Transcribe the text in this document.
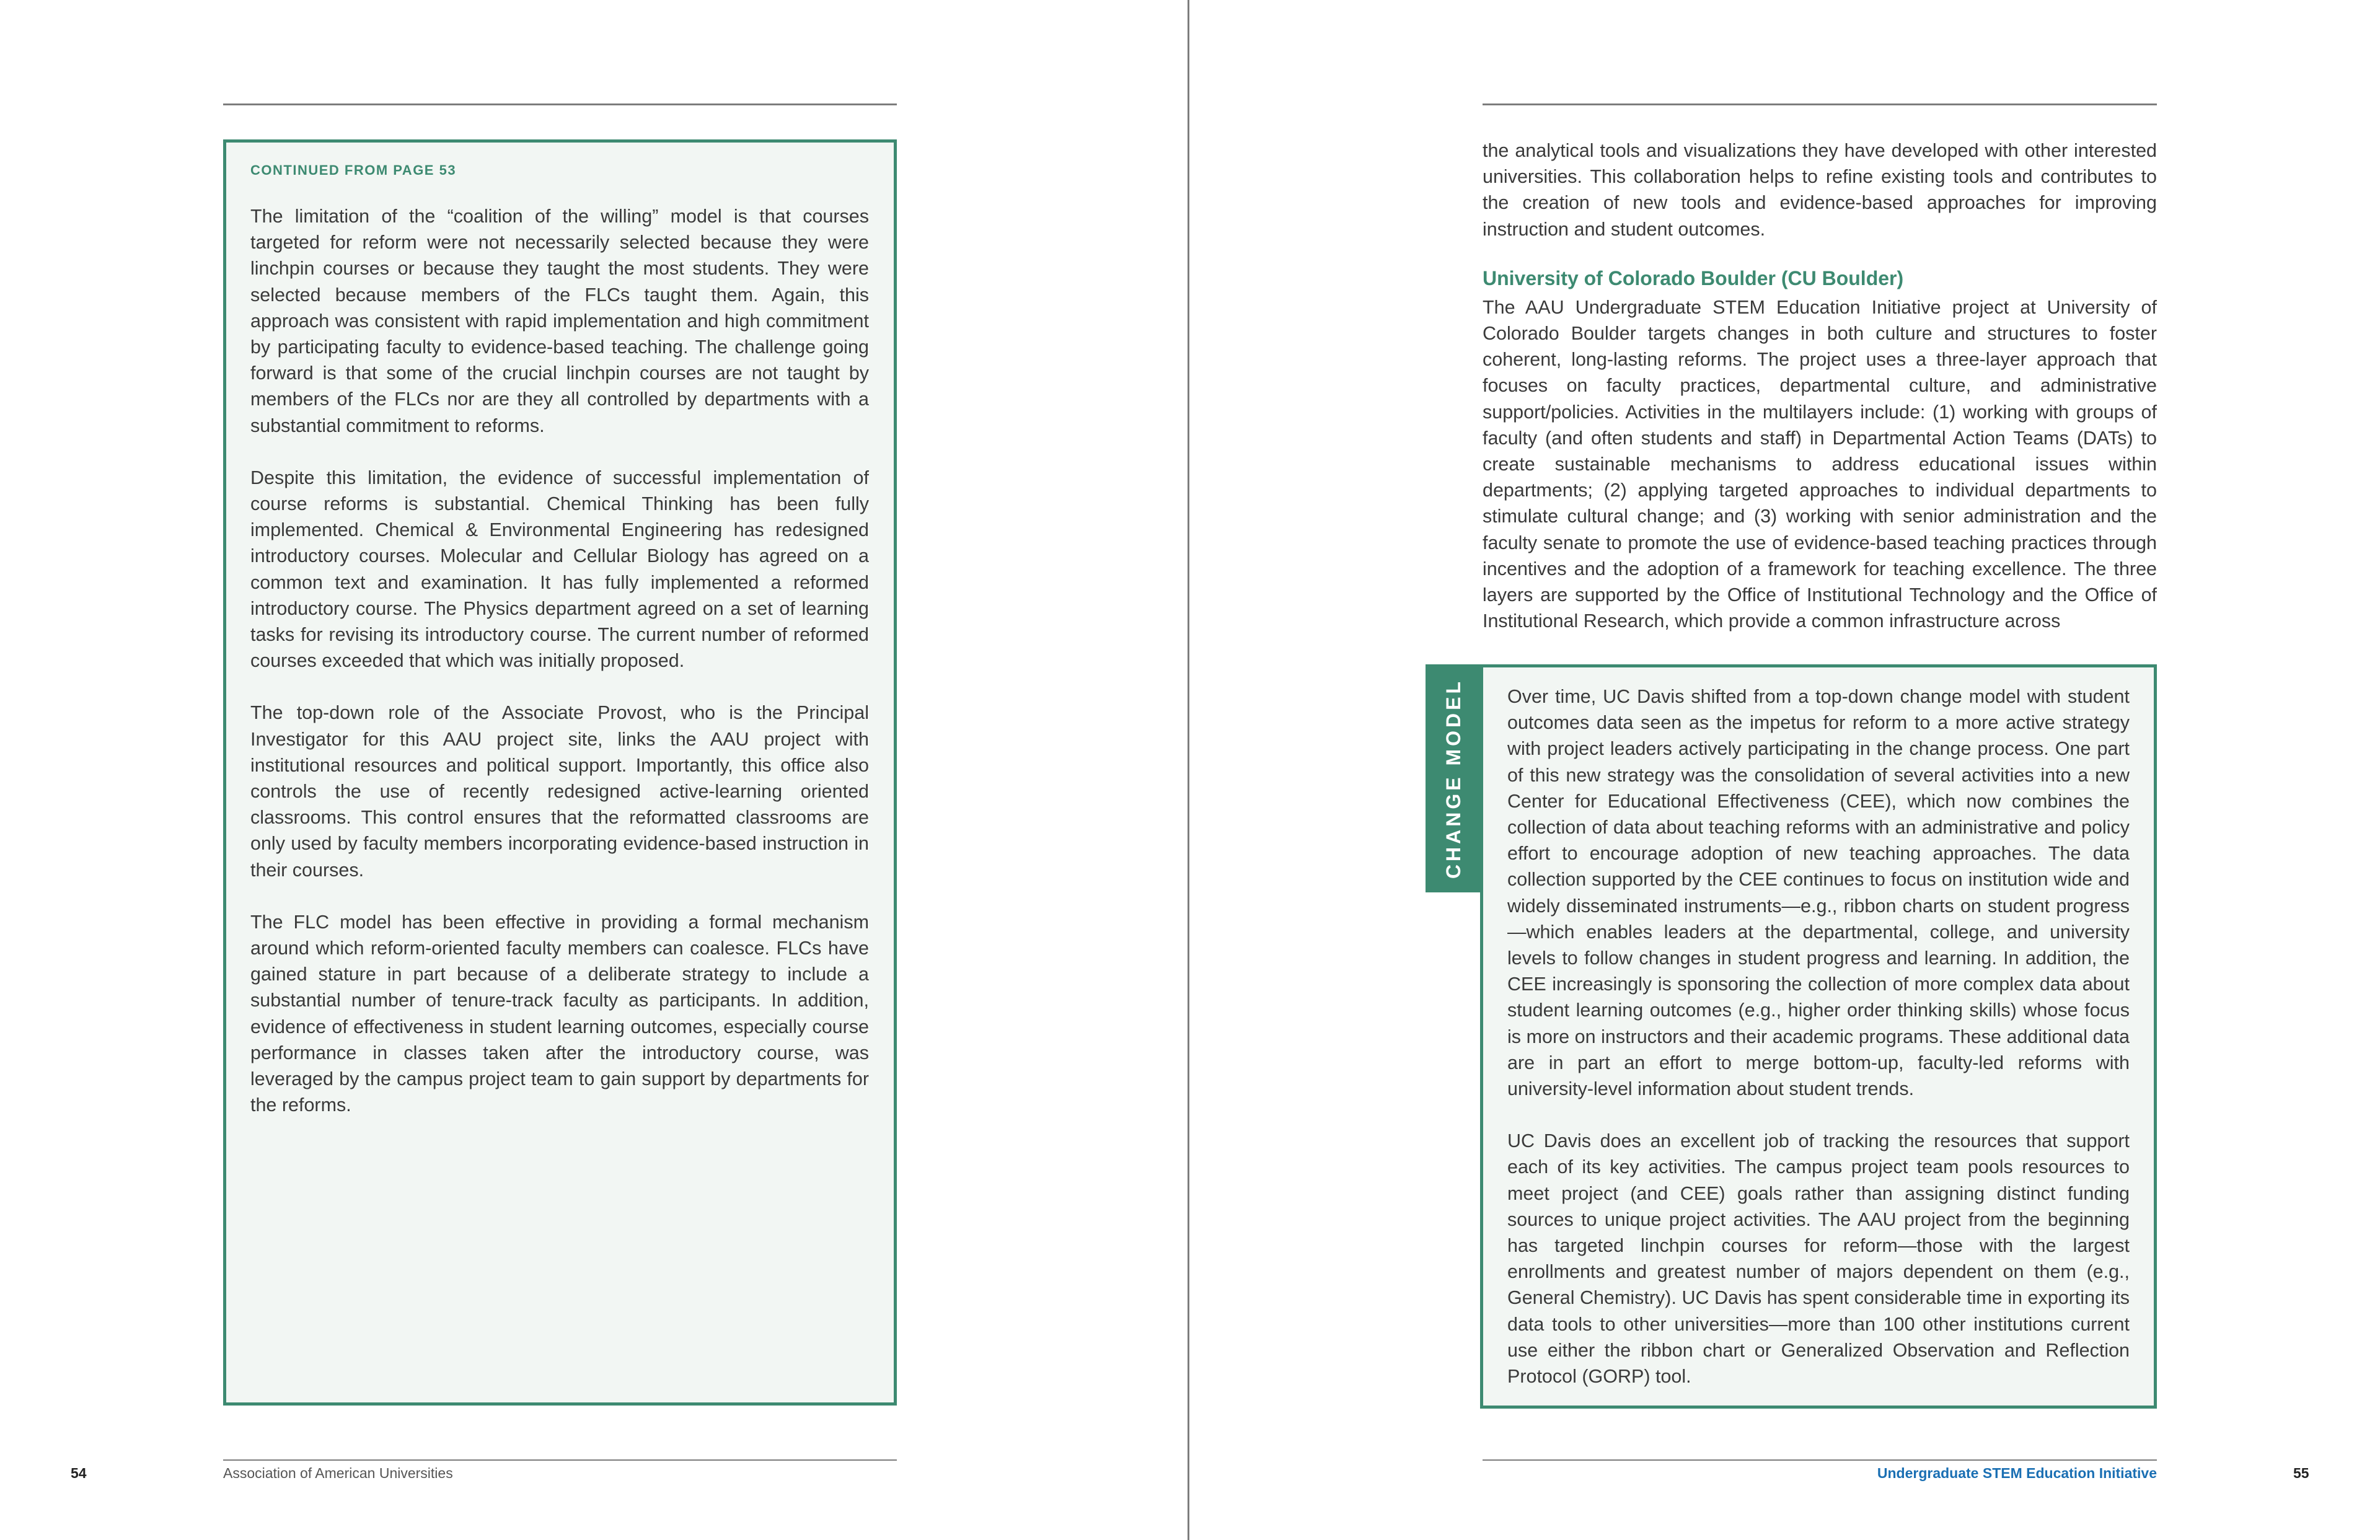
CONTINUED FROM PAGE 53

The limitation of the “coalition of the willing” model is that courses targeted for reform were not necessarily selected because they were linchpin courses or because they taught the most students. They were selected because members of the FLCs taught them. Again, this approach was consistent with rapid implementation and high commitment by participating faculty to evidence-based teaching. The challenge going forward is that some of the crucial linchpin courses are not taught by members of the FLCs nor are they all controlled by departments with a substantial commitment to reforms.

Despite this limitation, the evidence of successful implementation of course reforms is substantial. Chemical Thinking has been fully implemented. Chemical & Environmental Engineering has redesigned introductory courses. Molecular and Cellular Biology has agreed on a common text and examination. It has fully implemented a reformed introductory course. The Physics department agreed on a set of learning tasks for revising its introductory course. The current number of reformed courses exceeded that which was initially proposed.

The top-down role of the Associate Provost, who is the Principal Investigator for this AAU project site, links the AAU project with institutional resources and political support. Importantly, this office also controls the use of recently redesigned active-learning oriented classrooms. This control ensures that the reformatted classrooms are only used by faculty members incorporating evidence-based instruction in their courses.

The FLC model has been effective in providing a formal mechanism around which reform-oriented faculty members can coalesce. FLCs have gained stature in part because of a deliberate strategy to include a substantial number of tenure-track faculty as participants. In addition, evidence of effectiveness in student learning outcomes, especially course performance in classes taken after the introductory course, was leveraged by the campus project team to gain support by departments for the reforms.

54	Association of American Universities

the analytical tools and visualizations they have developed with other interested universities. This collaboration helps to refine existing tools and contributes to the creation of new tools and evidence-based approaches for improving instruction and student outcomes.

University of Colorado Boulder (CU Boulder)

The AAU Undergraduate STEM Education Initiative project at University of Colorado Boulder targets changes in both culture and structures to foster coherent, long-lasting reforms. The project uses a three-layer approach that focuses on faculty practices, departmental culture, and administrative support/policies. Activities in the multilayers include: (1) working with groups of faculty (and often students and staff) in Departmental Action Teams (DATs) to create sustainable mechanisms to address educational issues within departments; (2) applying targeted approaches to individual departments to stimulate cultural change; and (3) working with senior administration and the faculty senate to promote the use of evidence-based teaching practices through incentives and the adoption of a framework for teaching excellence. The three layers are supported by the Office of Institutional Technology and the Office of Institutional Research, which provide a common infrastructure across

CHANGE MODEL Over time, UC Davis shifted from a top-down change model with student outcomes data seen as the impetus for reform to a more active strategy with project leaders actively participating in the change process. One part of this new strategy was the consolidation of several activities into a new Center for Educational Effectiveness (CEE), which now combines the collection of data about teaching reforms with an administrative and policy effort to encourage adoption of new teaching approaches. The data collection supported by the CEE continues to focus on institution wide and widely disseminated instruments—e.g., ribbon charts on student progress—which enables leaders at the departmental, college, and university levels to follow changes in student progress and learning. In addition, the CEE increasingly is sponsoring the collection of more complex data about student learning outcomes (e.g., higher order thinking skills) whose focus is more on instructors and their academic programs. These additional data are in part an effort to merge bottom-up, faculty-led reforms with university-level information about student trends.

UC Davis does an excellent job of tracking the resources that support each of its key activities. The campus project team pools resources to meet project (and CEE) goals rather than assigning distinct funding sources to unique project activities. The AAU project from the beginning has targeted linchpin courses for reform—those with the largest enrollments and greatest number of majors dependent on them (e.g., General Chemistry). UC Davis has spent considerable time in exporting its data tools to other universities—more than 100 other institutions current use either the ribbon chart or Generalized Observation and Reflection Protocol (GORP) tool.

Undergraduate STEM Education Initiative	55
